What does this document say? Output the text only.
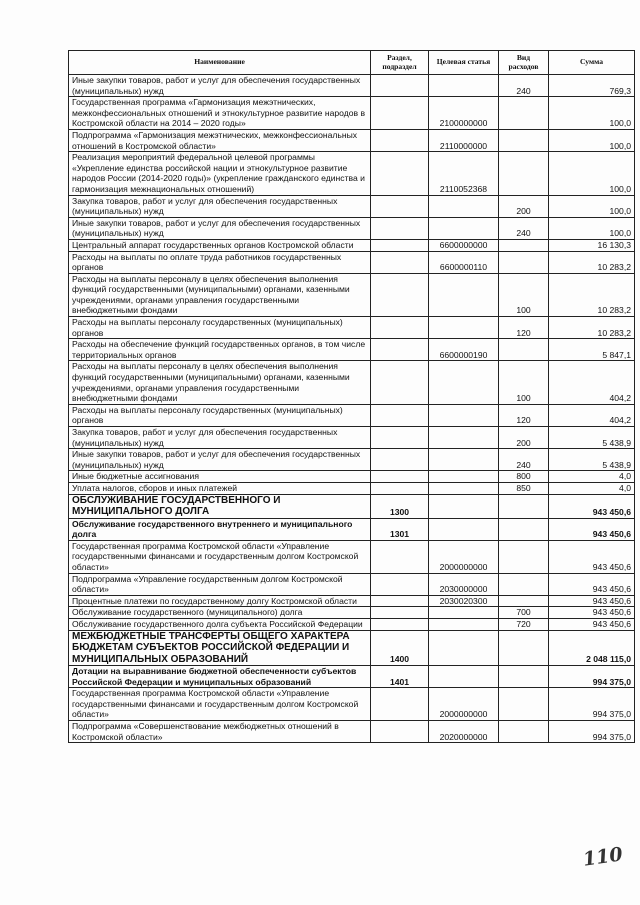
Наименование	Раздел, подраздел	Целевая статья	Вид расходов	Сумма
Иные закупки товаров, работ и услуг для обеспечения государственных (муниципальных) нужд			240	769,3
Государственная программа «Гармонизация межэтнических, межконфессиональных отношений и этнокультурное развитие народов в Костромской области на 2014 – 2020 годы»		2100000000		100,0
Подпрограмма «Гармонизация межэтнических, межконфессиональных отношений в Костромской области»		2110000000		100,0
Реализация мероприятий федеральной целевой программы «Укрепление единства российской нации и этнокультурное развитие народов России (2014-2020 годы)» (укрепление гражданского единства и гармонизация межнациональных отношений)		2110052368		100,0
Закупка товаров, работ и услуг для обеспечения государственных (муниципальных) нужд			200	100,0
Иные закупки товаров, работ и услуг для обеспечения государственных (муниципальных) нужд			240	100,0
Центральный аппарат государственных органов Костромской области		6600000000		16 130,3
Расходы на выплаты по оплате труда работников государственных органов		6600000110		10 283,2
Расходы на выплаты персоналу в целях обеспечения выполнения функций государственными (муниципальными) органами, казенными учреждениями, органами управления государственными внебюджетными фондами			100	10 283,2
Расходы на выплаты персоналу государственных (муниципальных) органов			120	10 283,2
Расходы на обеспечение функций государственных органов, в том числе территориальных органов		6600000190		5 847,1
Расходы на выплаты персоналу в целях обеспечения выполнения функций государственными (муниципальными) органами, казенными учреждениями, органами управления государственными внебюджетными фондами			100	404,2
Расходы на выплаты персоналу государственных (муниципальных) органов			120	404,2
Закупка товаров, работ и услуг для обеспечения государственных (муниципальных) нужд			200	5 438,9
Иные закупки товаров, работ и услуг для обеспечения государственных (муниципальных) нужд			240	5 438,9
Иные бюджетные ассигнования			800	4,0
Уплата налогов, сборов и иных платежей			850	4,0
ОБСЛУЖИВАНИЕ ГОСУДАРСТВЕННОГО И МУНИЦИПАЛЬНОГО ДОЛГА	1300			943 450,6
Обслуживание государственного внутреннего и муниципального долга	1301			943 450,6
Государственная программа Костромской области «Управление государственными финансами и государственным долгом Костромской области»		2000000000		943 450,6
Подпрограмма «Управление государственным долгом Костромской области»		2030000000		943 450,6
Процентные платежи по государственному долгу Костромской области		2030020300		943 450,6
Обслуживание государственного (муниципального) долга			700	943 450,6
Обслуживание государственного долга субъекта Российской Федерации			720	943 450,6
МЕЖБЮДЖЕТНЫЕ ТРАНСФЕРТЫ ОБЩЕГО ХАРАКТЕРА БЮДЖЕТАМ СУБЪЕКТОВ РОССИЙСКОЙ ФЕДЕРАЦИИ И МУНИЦИПАЛЬНЫХ ОБРАЗОВАНИЙ	1400			2 048 115,0
Дотации на выравнивание бюджетной обеспеченности субъектов Российской Федерации и муниципальных образований	1401			994 375,0
Государственная программа Костромской области «Управление государственными финансами и государственным долгом Костромской области»		2000000000		994 375,0
Подпрограмма «Совершенствование межбюджетных отношений в Костромской области»		2020000000		994 375,0
110
